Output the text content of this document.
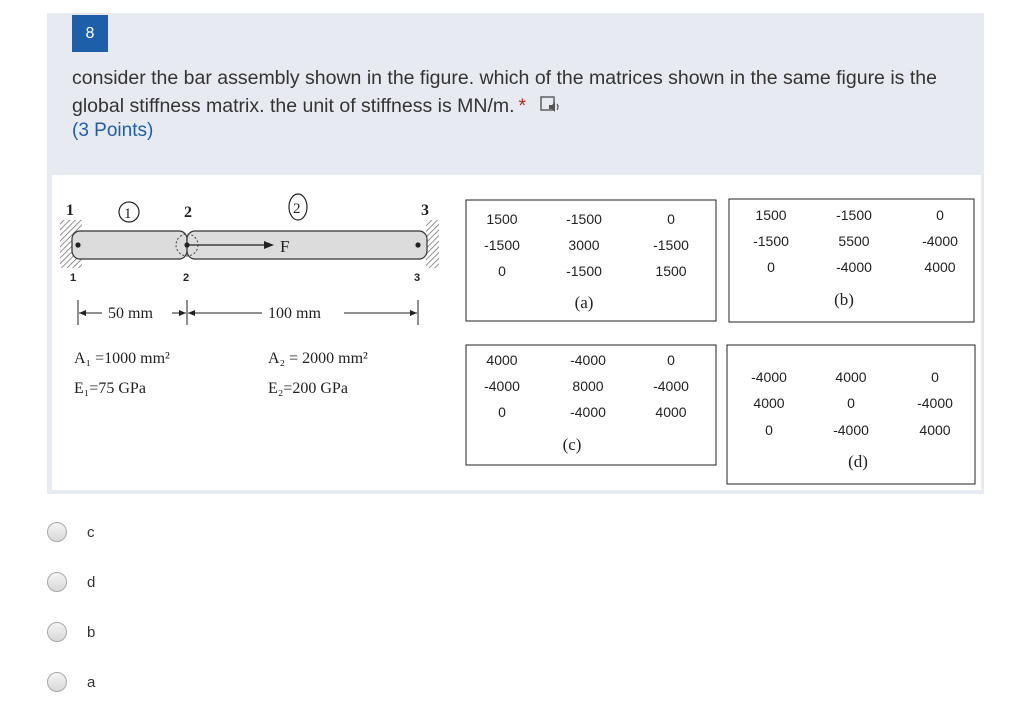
8
consider the bar assembly shown in the figure. which of the matrices shown in the same figure is the global stiffness matrix. the unit of stiffness is MN/m. *
(3 Points)
F
1	2	3
1	2
1	2	3
50 mm	100 mm
A₁ =1000 mm²
E₁=75 GPa
A₂ = 2000 mm²
E₂=200 GPa
1500	-1500	0
-1500	3000	-1500
0	-1500	1500
(a)
1500	-1500	0
-1500	5500	-4000
0	-4000	4000
(b)
4000	-4000	0
-4000	8000	-4000
0	-4000	4000
(c)
-4000	4000	0
4000	0	-4000
0	-4000	4000
(d)
c
d
b
a
